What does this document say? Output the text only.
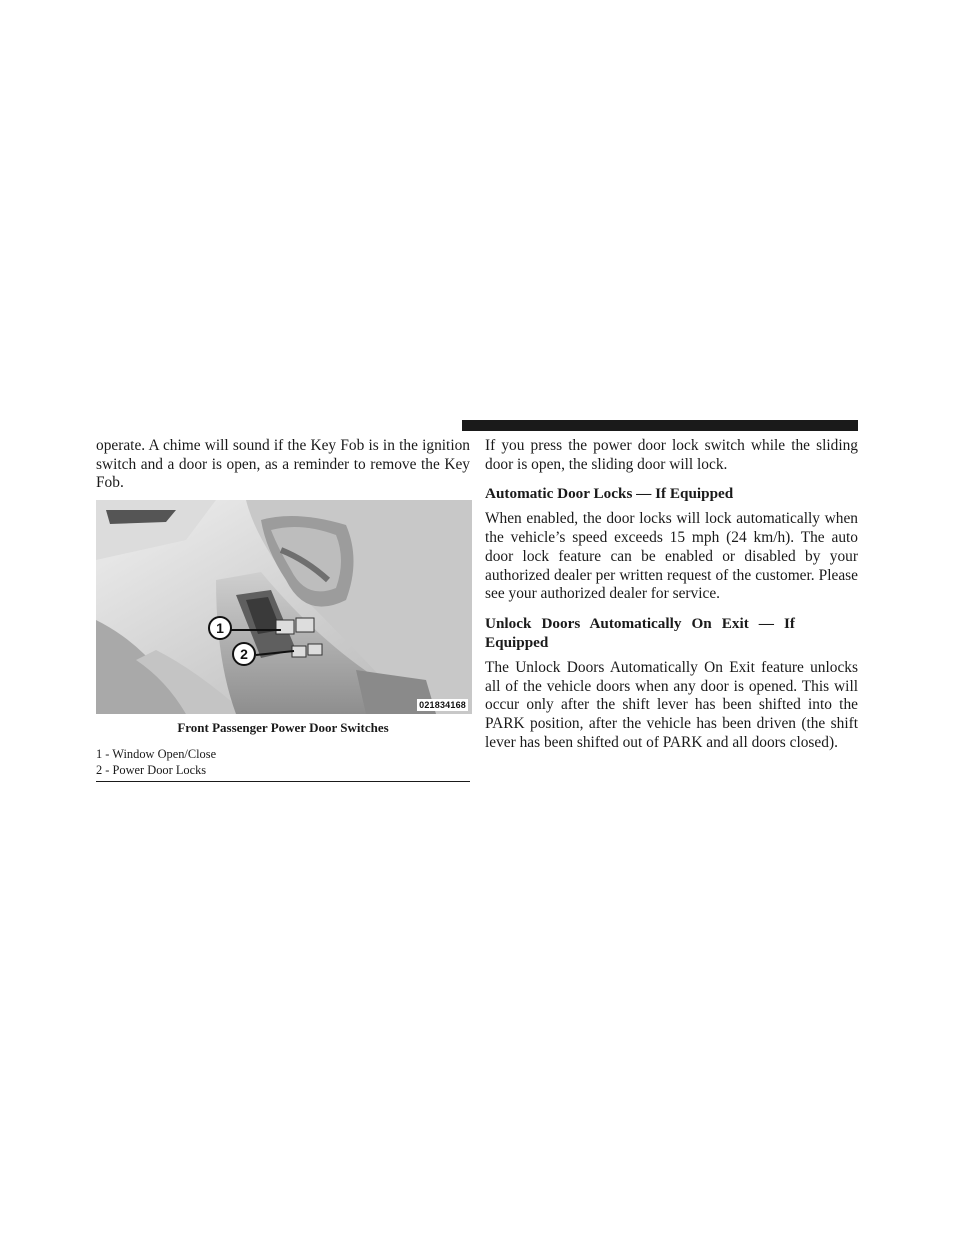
operate. A chime will sound if the Key Fob is in the ignition switch and a door is open, as a reminder to remove the Key Fob.

1
2
021834168
Front Passenger Power Door Switches
1 - Window Open/Close
2 - Power Door Locks

If you press the power door lock switch while the sliding door is open, the sliding door will lock.

Automatic Door Locks — If Equipped

When enabled, the door locks will lock automatically when the vehicle’s speed exceeds 15 mph (24 km/h). The auto door lock feature can be enabled or disabled by your authorized dealer per written request of the customer. Please see your authorized dealer for service.

Unlock Doors Automatically On Exit — If Equipped

The Unlock Doors Automatically On Exit feature unlocks all of the vehicle doors when any door is opened. This will occur only after the shift lever has been shifted into the PARK position, after the vehicle has been driven (the shift lever has been shifted out of PARK and all doors closed).
